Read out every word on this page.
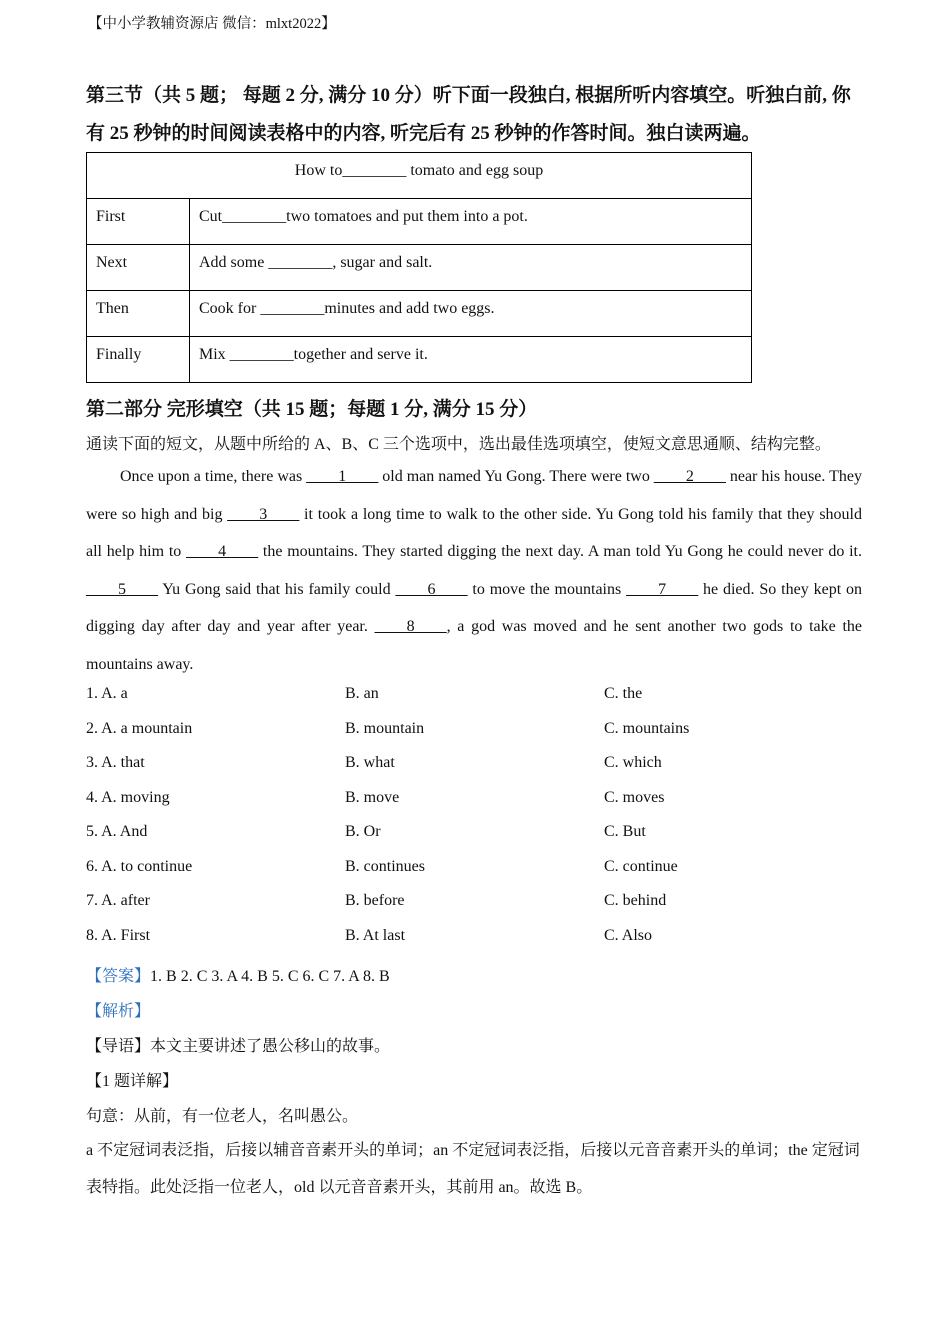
【中小学教辅资源店 微信：mlxt2022】
第三节（共 5 题； 每题 2 分, 满分 10 分）听下面一段独白, 根据所听内容填空。听独白前, 你有 25 秒钟的时间阅读表格中的内容, 听完后有 25 秒钟的作答时间。独白读两遍。
How to________ tomato and egg soup	
First	Cut________two tomatoes and put them into a pot.
Next	Add some ________, sugar and salt.
Then	Cook for ________minutes and add two eggs.
Finally	Mix ________together and serve it.
第二部分 完形填空（共 15 题；每题 1 分, 满分 15 分）
通读下面的短文，从题中所给的 A、B、C 三个选项中，选出最佳选项填空，使短文意思通顺、结构完整。
Once upon a time, there was ____1____ old man named Yu Gong. There were two ____2____ near his house. They were so high and big ____3____ it took a long time to walk to the other side. Yu Gong told his family that they should all help him to ____4____ the mountains. They started digging the next day. A man told Yu Gong he could never do it. ____5____ Yu Gong said that his family could ____6____ to move the mountains ____7____ he died. So they kept on digging day after day and year after year. ____8____, a god was moved and he sent another two gods to take the mountains away.
1. A. a	B. an	C. the
2. A. a mountain	B. mountain	C. mountains
3. A. that	B. what	C. which
4. A. moving	B. move	C. moves
5. A. And	B. Or	C. But
6. A. to continue	B. continues	C. continue
7. A. after	B. before	C. behind
8. A. First	B. At last	C. Also
【答案】1. B 2. C 3. A 4. B 5. C 6. C 7. A 8. B
【解析】
【导语】本文主要讲述了愚公移山的故事。
【1 题详解】
句意：从前，有一位老人，名叫愚公。
a 不定冠词表泛指，后接以辅音音素开头的单词；an 不定冠词表泛指，后接以元音音素开头的单词；the 定冠词表特指。此处泛指一位老人，old 以元音音素开头，其前用 an。故选 B。
